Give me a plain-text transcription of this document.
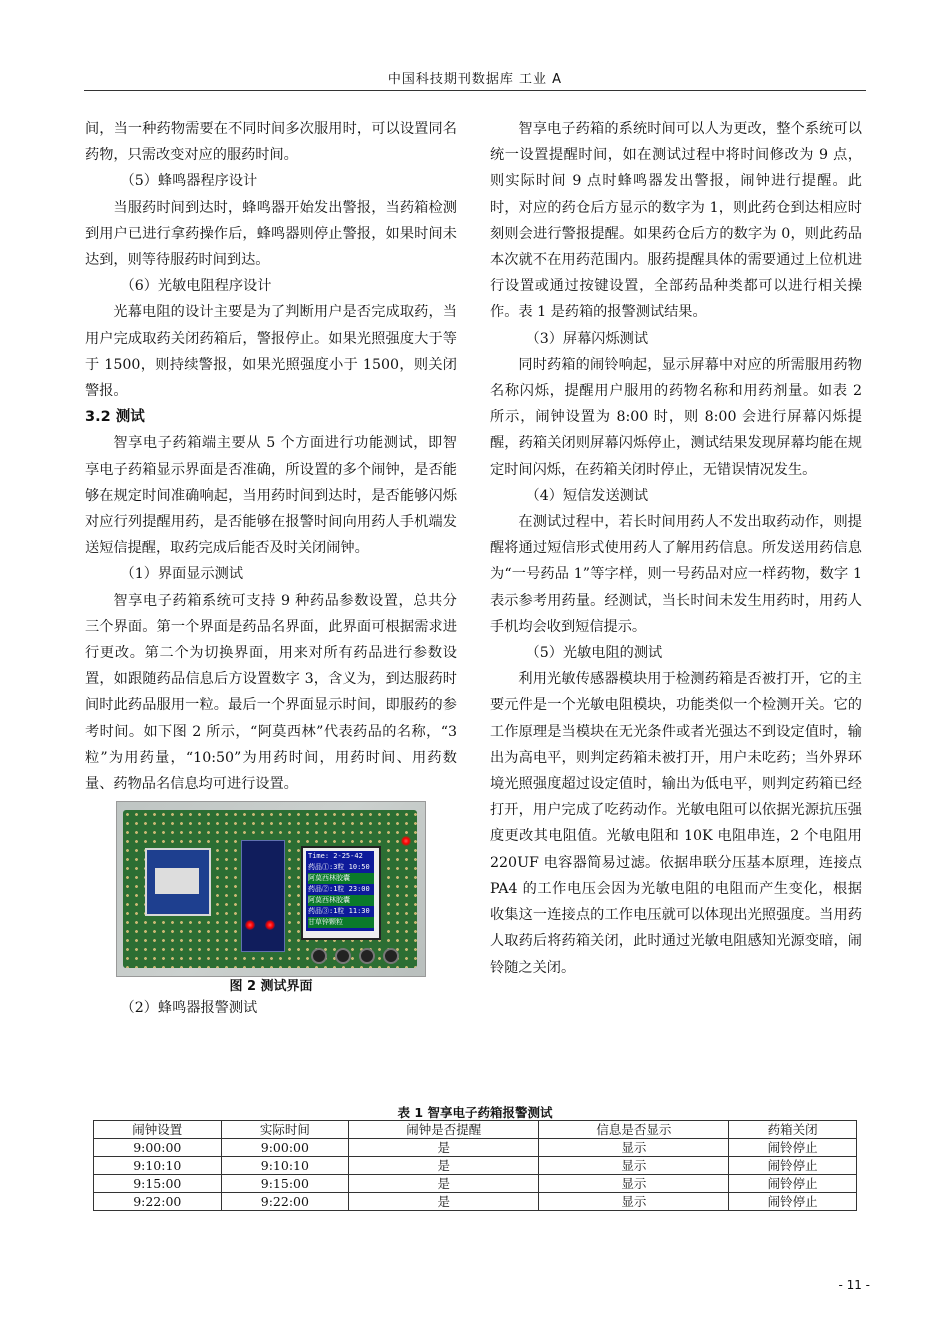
中国科技期刊数据库 工业 A

间，当一种药物需要在不同时间多次服用时，可以设置同名药物，只需改变对应的服药时间。

（5）蜂鸣器程序设计

当服药时间到达时，蜂鸣器开始发出警报，当药箱检测到用户已进行拿药操作后，蜂鸣器则停止警报，如果时间未达到，则等待服药时间到达。

（6）光敏电阻程序设计

光幕电阻的设计主要是为了判断用户是否完成取药，当用户完成取药关闭药箱后，警报停止。如果光照强度大于等于 1500，则持续警报，如果光照强度小于 1500，则关闭警报。

3.2 测试

智享电子药箱端主要从 5 个方面进行功能测试，即智享电子药箱显示界面是否准确，所设置的多个闹钟，是否能够在规定时间准确响起，当用药时间到达时，是否能够闪烁对应行列提醒用药，是否能够在报警时间向用药人手机端发送短信提醒，取药完成后能否及时关闭闹钟。

（1）界面显示测试

智享电子药箱系统可支持 9 种药品参数设置，总共分三个界面。第一个界面是药品名界面，此界面可根据需求进行更改。第二个为切换界面，用来对所有药品进行参数设置，如跟随药品信息后方设置数字 3，含义为，到达服药时间时此药品服用一粒。最后一个界面显示时间，即服药的参考时间。如下图 2 所示，“阿莫西林”代表药品的名称，“3 粒”为用药量，“10:50”为用药时间，用药时间、用药数量、药物品名信息均可进行设置。

Time: 2-25-42
药品①:3粒 10:50
阿莫西林胶囊
药品②:1粒 23:00
阿莫西林胶囊
药品③:1粒 11:30
甘草锌颗粒
图 2 测试界面

（2）蜂鸣器报警测试

智享电子药箱的系统时间可以人为更改，整个系统可以统一设置提醒时间，如在测试过程中将时间修改为 9 点，则实际时间 9 点时蜂鸣器发出警报，闹钟进行提醒。此时，对应的药仓后方显示的数字为 1，则此药仓到达相应时刻则会进行警报提醒。如果药仓后方的数字为 0，则此药品本次就不在用药范围内。服药提醒具体的需要通过上位机进行设置或通过按键设置，全部药品种类都可以进行相关操作。表 1 是药箱的报警测试结果。

（3）屏幕闪烁测试

同时药箱的闹铃响起，显示屏幕中对应的所需服用药物名称闪烁，提醒用户服用的药物名称和用药剂量。如表 2 所示，闹钟设置为 8:00 时，则 8:00 会进行屏幕闪烁提醒，药箱关闭则屏幕闪烁停止，测试结果发现屏幕均能在规定时间闪烁，在药箱关闭时停止，无错误情况发生。

（4）短信发送测试

在测试过程中，若长时间用药人不发出取药动作，则提醒将通过短信形式使用药人了解用药信息。所发送用药信息为“一号药品 1”等字样，则一号药品对应一样药物，数字 1 表示参考用药量。经测试，当长时间未发生用药时，用药人手机均会收到短信提示。

（5）光敏电阻的测试

利用光敏传感器模块用于检测药箱是否被打开，它的主要元件是一个光敏电阻模块，功能类似一个检测开关。它的工作原理是当模块在无光条件或者光强达不到设定值时，输出为高电平，则判定药箱未被打开，用户未吃药；当外界环境光照强度超过设定值时，输出为低电平，则判定药箱已经打开，用户完成了吃药动作。光敏电阻可以依据光源抗压强度更改其电阻值。光敏电阻和 10K 电阻串连，2 个电阻用 220UF 电容器简易过滤。依据串联分压基本原理，连接点 PA4 的工作电压会因为光敏电阻的电阻而产生变化，根据收集这一连接点的工作电压就可以体现出光照强度。当用药人取药后将药箱关闭，此时通过光敏电阻感知光源变暗，闹铃随之关闭。

表 1 智享电子药箱报警测试
闹钟设置	实际时间	闹钟是否提醒	信息是否显示	药箱关闭
9:00:00	9:00:00	是	显示	闹铃停止
9:10:10	9:10:10	是	显示	闹铃停止
9:15:00	9:15:00	是	显示	闹铃停止
9:22:00	9:22:00	是	显示	闹铃停止
- 11 -
